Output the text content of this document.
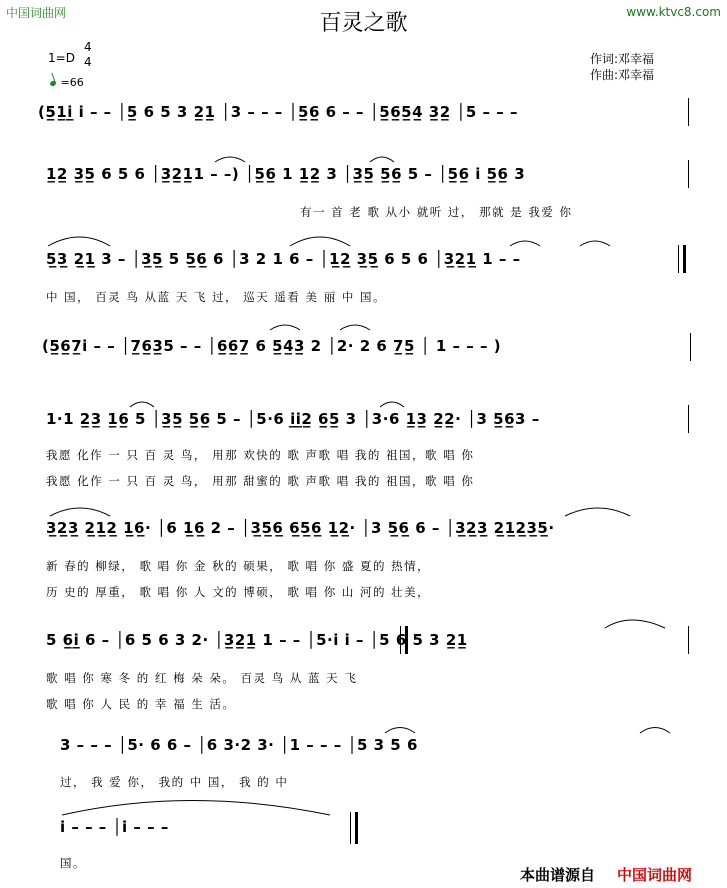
中国词曲网	www.ktvc8.com
百灵之歌
作词:邓幸福
作曲:邓幸福
1=D
4
4
=66
(5̲1̲i̲ i – – │5̲ 6 5 3 2̲1̲ │3 – – – │5̲6̲ 6 – – │5̲6̲5̲4̲ 3̲2̲ │5 – – –
1̲2̲ 3̲5̲ 6 5 6 │3̲2̲1̲1 – –) │5̲6̲ 1 1̲2̲ 3 │3̲5̲ 5̲6̲ 5 – │5̲6̲ i 5̲6̲ 3
有一 首 老 歌 从小 就听 过， 那就 是 我爱 你
5̲3̲ 2̲1̲ 3 – │3̲5̲ 5 5̲6̲ 6 │3 2 1 6 – │1̲2̲ 3̲5̲ 6 5 6 │3̲2̲1̲ 1 – –
中 国， 百灵 鸟 从蓝 天 飞 过， 巡天 遥看 美 丽 中 国。
(5̲6̲7̲i – – │7̲6̲3̲5 – – │6̲6̲7̲ 6 5̲4̲3̲ 2 │2· 2 6 7̲5̲ │ 1 – – – )
1·1 2̲3̲ 1̲6̲ 5 │3̲5̲ 5̲6̲ 5 – │5·6 i̲i̲2̲ 6̲5̲ 3 │3·6 1̲3̲ 2̲2̲· │3 5̲6̲3 –
我愿 化作 一 只 百 灵 鸟， 用那 欢快的 歌 声歌 唱 我的 祖国，歌 唱 你
我愿 化作 一 只 百 灵 鸟， 用那 甜蜜的 歌 声歌 唱 我的 祖国，歌 唱 你
3̲2̲3̲ 2̲1̲2̲ 1̲6̲· │6 1̲6̲ 2 – │3̲5̲6̲ 6̲5̲6̲ 1̲2̲· │3 5̲6̲ 6 – │3̲2̲3̲ 2̲1̲2̲3̲5̲·
新 春的 柳绿， 歌 唱 你 金 秋的 硕果， 歌 唱 你 盛 夏的 热情，
历 史的 厚重， 歌 唱 你 人 文的 博硕， 歌 唱 你 山 河的 壮美，
5 6̲i̲ 6 – │6 5 6 3 2· │3̲2̲1̲ 1 – – │5·i i – │5 6 5 3 2̲1̲
歌 唱 你 寒 冬 的 红 梅 朵 朵。 百灵 鸟 从 蓝 天 飞
歌 唱 你 人 民 的 幸 福 生 活。
3 – – – │5· 6 6 – │6 3·2 3· │1 – – – │5 3 5 6
过， 我 爱 你， 我的 中 国， 我 的 中
i – – – │i – – –
国。
本曲谱源自 中国词曲网
